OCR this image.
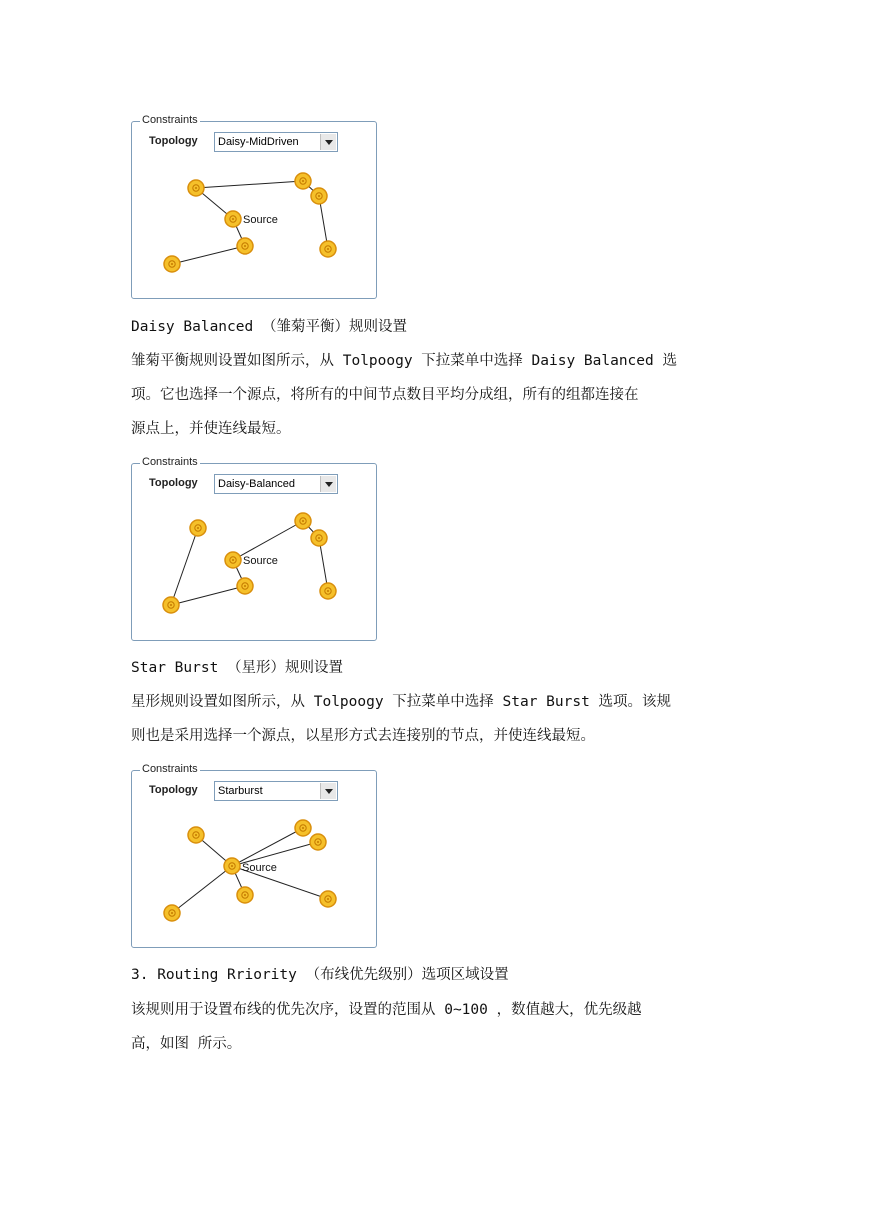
Constraints
Topology Daisy-MidDriven
Source
Daisy Balanced （雏菊平衡）规则设置
雏菊平衡规则设置如图所示，从 Tolpoogy 下拉菜单中选择 Daisy Balanced 选
项。它也选择一个源点，将所有的中间节点数目平均分成组，所有的组都连接在
源点上，并使连线最短。
Constraints
Topology Daisy-Balanced
Source
Star Burst （星形）规则设置
星形规则设置如图所示，从 Tolpoogy 下拉菜单中选择 Star Burst 选项。该规
则也是采用选择一个源点，以星形方式去连接别的节点，并使连线最短。
Constraints
Topology Starburst
Source
3. Routing Rriority （布线优先级别）选项区域设置
该规则用于设置布线的优先次序，设置的范围从 0~100 ，数值越大，优先级越
高，如图 所示。
